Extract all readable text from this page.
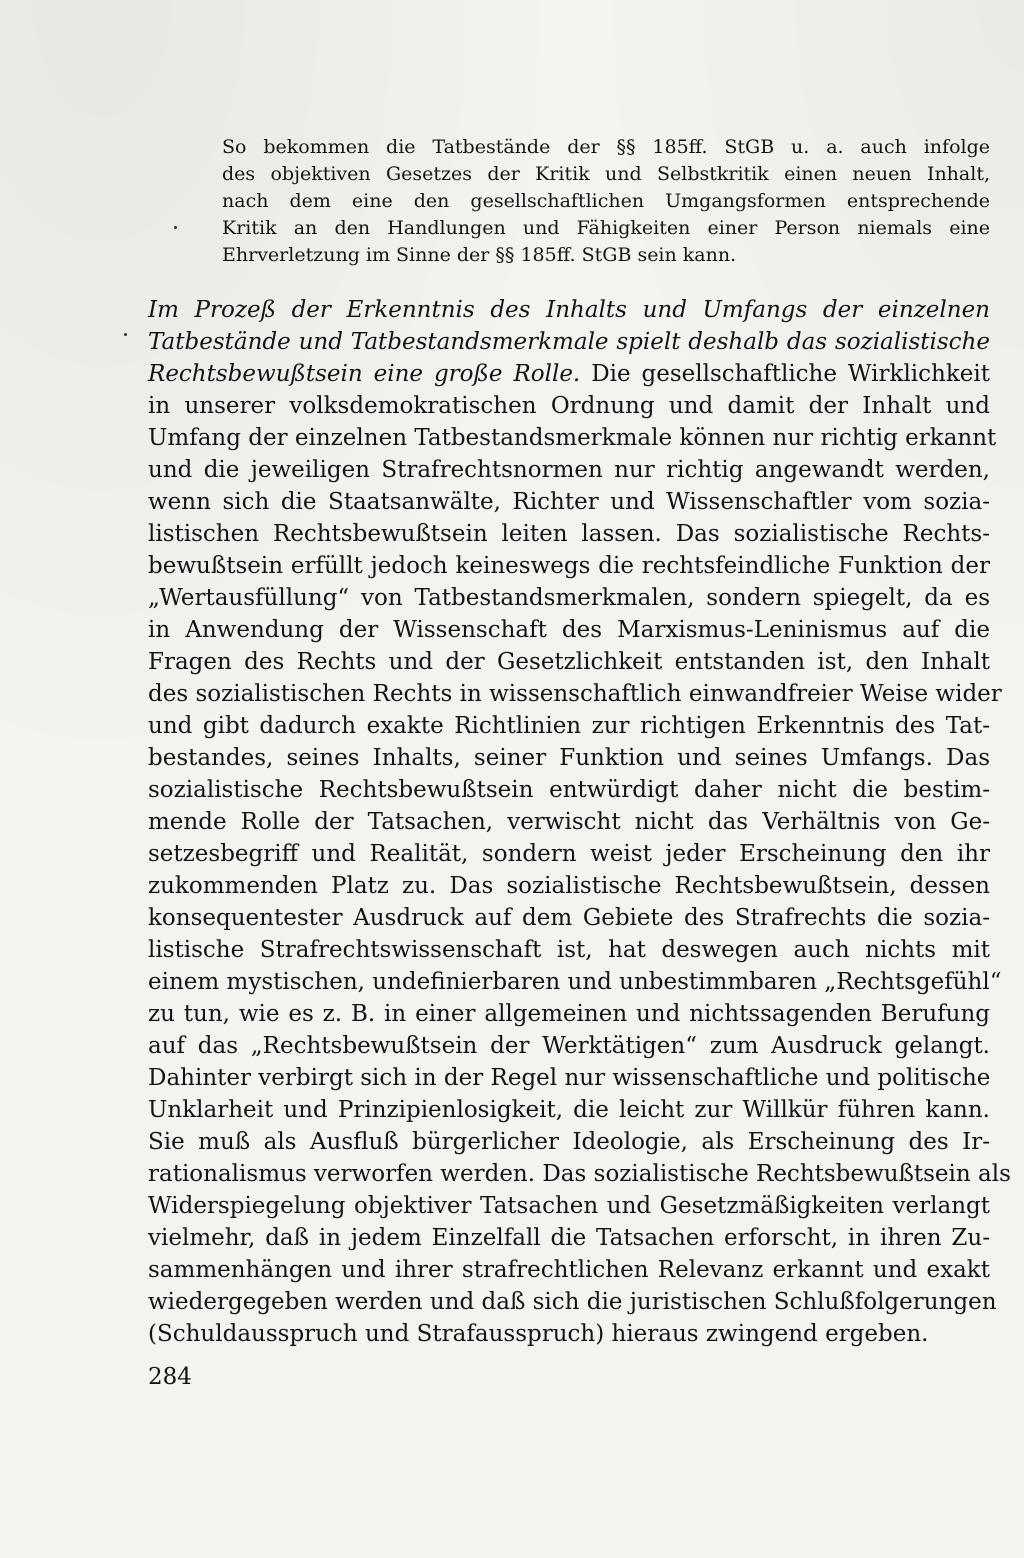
So bekommen die Tatbestände der §§ 185ff. StGB u. a. auch infolge
des objektiven Gesetzes der Kritik und Selbstkritik einen neuen Inhalt,
nach dem eine den gesellschaftlichen Umgangsformen entsprechende
Kritik an den Handlungen und Fähigkeiten einer Person niemals eine
Ehrverletzung im Sinne der §§ 185ff. StGB sein kann.
Im Prozeß der Erkenntnis des Inhalts und Umfangs der einzelnen
Tatbestände und Tatbestandsmerkmale spielt deshalb das sozialistische
Rechtsbewußtsein eine große Rolle. Die gesellschaftliche Wirklichkeit
in unserer volksdemokratischen Ordnung und damit der Inhalt und
Umfang der einzelnen Tatbestandsmerkmale können nur richtig erkannt
und die jeweiligen Strafrechtsnormen nur richtig angewandt werden,
wenn sich die Staatsanwälte, Richter und Wissenschaftler vom sozia-
listischen Rechtsbewußtsein leiten lassen. Das sozialistische Rechts-
bewußtsein erfüllt jedoch keineswegs die rechtsfeindliche Funktion der
„Wertausfüllung“ von Tatbestandsmerkmalen, sondern spiegelt, da es
in Anwendung der Wissenschaft des Marxismus-Leninismus auf die
Fragen des Rechts und der Gesetzlichkeit entstanden ist, den Inhalt
des sozialistischen Rechts in wissenschaftlich einwandfreier Weise wider
und gibt dadurch exakte Richtlinien zur richtigen Erkenntnis des Tat-
bestandes, seines Inhalts, seiner Funktion und seines Umfangs. Das
sozialistische Rechtsbewußtsein entwürdigt daher nicht die bestim-
mende Rolle der Tatsachen, verwischt nicht das Verhältnis von Ge-
setzesbegriff und Realität, sondern weist jeder Erscheinung den ihr
zukommenden Platz zu. Das sozialistische Rechtsbewußtsein, dessen
konsequentester Ausdruck auf dem Gebiete des Strafrechts die sozia-
listische Strafrechtswissenschaft ist, hat deswegen auch nichts mit
einem mystischen, undefinierbaren und unbestimmbaren „Rechtsgefühl“
zu tun, wie es z. B. in einer allgemeinen und nichtssagenden Berufung
auf das „Rechtsbewußtsein der Werktätigen“ zum Ausdruck gelangt.
Dahinter verbirgt sich in der Regel nur wissenschaftliche und politische
Unklarheit und Prinzipienlosigkeit, die leicht zur Willkür führen kann.
Sie muß als Ausfluß bürgerlicher Ideologie, als Erscheinung des Ir-
rationalismus verworfen werden. Das sozialistische Rechtsbewußtsein als
Widerspiegelung objektiver Tatsachen und Gesetzmäßigkeiten verlangt
vielmehr, daß in jedem Einzelfall die Tatsachen erforscht, in ihren Zu-
sammenhängen und ihrer strafrechtlichen Relevanz erkannt und exakt
wiedergegeben werden und daß sich die juristischen Schlußfolgerungen
(Schuldausspruch und Strafausspruch) hieraus zwingend ergeben.
284
